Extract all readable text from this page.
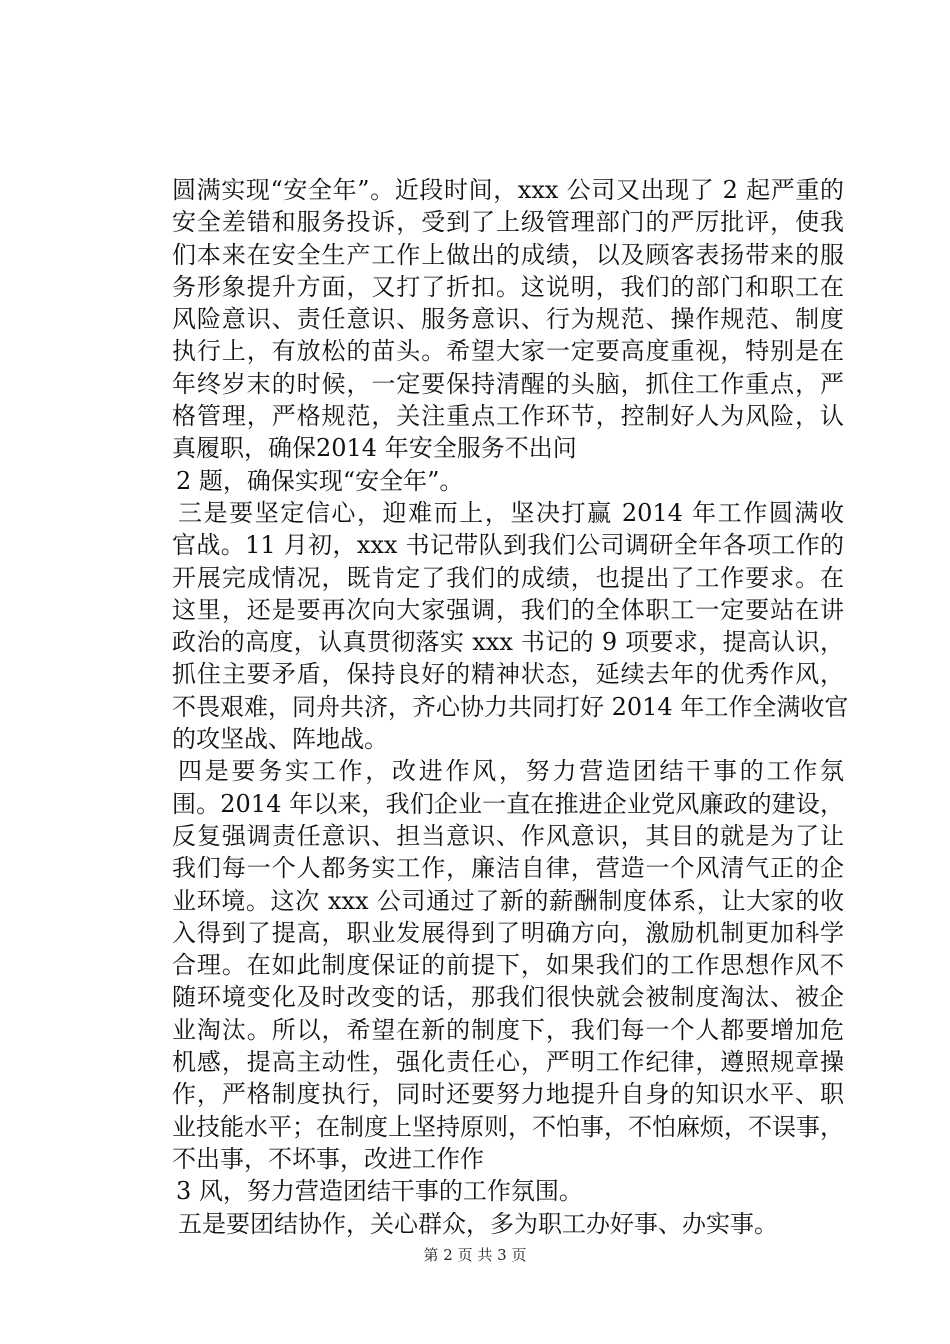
圆满实现“安全年”。近段时间，xxx 公司又出现了 2 起严重的
安全差错和服务投诉，受到了上级管理部门的严厉批评，使我
们本来在安全生产工作上做出的成绩，以及顾客表扬带来的服
务形象提升方面，又打了折扣。这说明，我们的部门和职工在
风险意识、责任意识、服务意识、行为规范、操作规范、制度
执行上，有放松的苗头。希望大家一定要高度重视，特别是在
年终岁末的时候，一定要保持清醒的头脑，抓住工作重点，严
格管理，严格规范，关注重点工作环节，控制好人为风险，认
真履职，确保2014 年安全服务不出问
2 题，确保实现“安全年”。
三是要坚定信心，迎难而上，坚决打赢 2014 年工作圆满收
官战。11 月初，xxx 书记带队到我们公司调研全年各项工作的
开展完成情况，既肯定了我们的成绩，也提出了工作要求。在
这里，还是要再次向大家强调，我们的全体职工一定要站在讲
政治的高度，认真贯彻落实 xxx 书记的 9 项要求，提高认识，
抓住主要矛盾，保持良好的精神状态，延续去年的优秀作风，
不畏艰难，同舟共济，齐心协力共同打好 2014 年工作全满收官
的攻坚战、阵地战。
四是要务实工作，改进作风，努力营造团结干事的工作氛
围。2014 年以来，我们企业一直在推进企业党风廉政的建设，
反复强调责任意识、担当意识、作风意识，其目的就是为了让
我们每一个人都务实工作，廉洁自律，营造一个风清气正的企
业环境。这次 xxx 公司通过了新的薪酬制度体系，让大家的收
入得到了提高，职业发展得到了明确方向，激励机制更加科学
合理。在如此制度保证的前提下，如果我们的工作思想作风不
随环境变化及时改变的话，那我们很快就会被制度淘汰、被企
业淘汰。所以，希望在新的制度下，我们每一个人都要增加危
机感，提高主动性，强化责任心，严明工作纪律，遵照规章操
作，严格制度执行，同时还要努力地提升自身的知识水平、职
业技能水平；在制度上坚持原则，不怕事，不怕麻烦，不误事，
不出事，不坏事，改进工作作
3 风，努力营造团结干事的工作氛围。
五是要团结协作，关心群众，多为职工办好事、办实事。
第 2 页 共 3 页
